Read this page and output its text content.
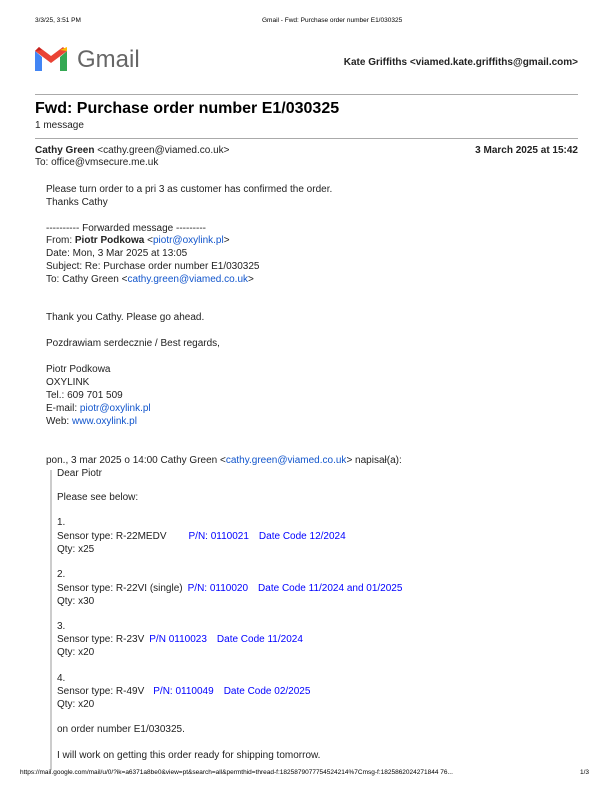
3/3/25, 3:51 PM	Gmail - Fwd: Purchase order number E1/030325
Gmail	Kate Griffiths <viamed.kate.griffiths@gmail.com>
Fwd: Purchase order number E1/030325
1 message
Cathy Green <cathy.green@viamed.co.uk>	3 March 2025 at 15:42
To: office@vmsecure.me.uk
Please turn order to a pri 3 as customer has confirmed the order.
Thanks Cathy
---------- Forwarded message ---------
From: Piotr Podkowa <piotr@oxylink.pl>
Date: Mon, 3 Mar 2025 at 13:05
Subject: Re: Purchase order number E1/030325
To: Cathy Green <cathy.green@viamed.co.uk>
Thank you Cathy. Please go ahead.
Pozdrawiam serdecznie / Best regards,
Piotr Podkowa
OXYLINK
Tel.: 609 701 509
E-mail: piotr@oxylink.pl
Web: www.oxylink.pl
pon., 3 mar 2025 o 14:00 Cathy Green <cathy.green@viamed.co.uk> napisał(a):
Dear Piotr
Please see below:
1.
Sensor type: R-22MEDV P/N: 0110021 Date Code 12/2024
Qty: x25
2.
Sensor type: R-22VI (single) P/N: 0110020 Date Code 11/2024 and 01/2025
Qty: x30
3.
Sensor type: R-23V P/N 0110023 Date Code 11/2024
Qty: x20
4.
Sensor type: R-49V P/N: 0110049 Date Code 02/2025
Qty: x20
on order number E1/030325.
I will work on getting this order ready for shipping tomorrow.
https://mail.google.com/mail/u/0/?ik=a6371a8be0&view=pt&search=all&permthid=thread-f:1825879077754524214%7Cmsg-f:1825862024271844 76...	1/3
